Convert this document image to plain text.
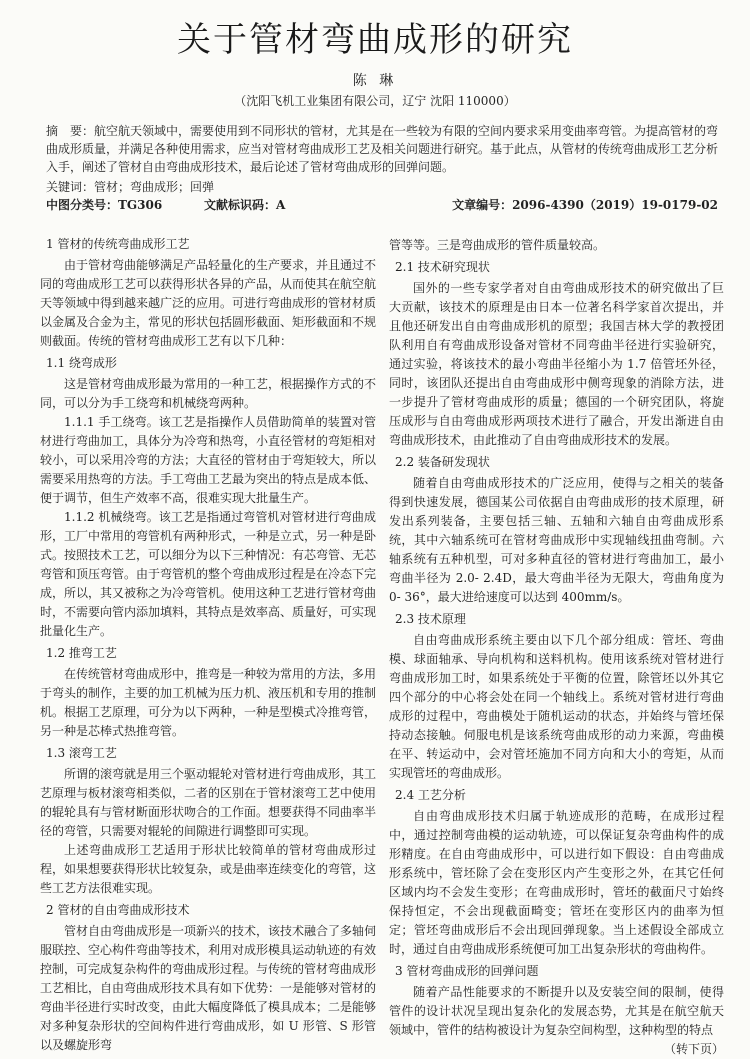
关于管材弯曲成形的研究
陈 琳
（沈阳飞机工业集团有限公司，辽宁 沈阳 110000）
摘　要：航空航天领域中，需要使用到不同形状的管材，尤其是在一些较为有限的空间内要求采用变曲率弯管。为提高管材的弯曲成形质量，并满足各种使用需求，应当对管材弯曲成形工艺及相关问题进行研究。基于此点，从管材的传统弯曲成形工艺分析入手，阐述了管材自由弯曲成形技术，最后论述了管材弯曲成形的回弹问题。
关键词：管材；弯曲成形；回弹
中图分类号：TG306	文献标识码：A	文章编号：2096-4390（2019）19-0179-02
1 管材的传统弯曲成形工艺

由于管材弯曲能够满足产品轻量化的生产要求，并且通过不同的弯曲成形工艺可以获得形状各异的产品，从而使其在航空航天等领域中得到越来越广泛的应用。可进行弯曲成形的管材材质以金属及合金为主，常见的形状包括圆形截面、矩形截面和不规则截面。传统的管材弯曲成形工艺有以下几种：

1.1 绕弯成形

这是管材弯曲成形最为常用的一种工艺，根据操作方式的不同，可以分为手工绕弯和机械绕弯两种。

1.1.1 手工绕弯。该工艺是指操作人员借助简单的装置对管材进行弯曲加工，具体分为冷弯和热弯，小直径管材的弯矩相对较小，可以采用冷弯的方法；大直径的管材由于弯矩较大，所以需要采用热弯的方法。手工弯曲工艺最为突出的特点是成本低、便于调节，但生产效率不高，很难实现大批量生产。

1.1.2 机械绕弯。该工艺是指通过弯管机对管材进行弯曲成形，工厂中常用的弯管机有两种形式，一种是立式，另一种是卧式。按照技术工艺，可以细分为以下三种情况：有芯弯管、无芯弯管和顶压弯管。由于弯管机的整个弯曲成形过程是在冷态下完成，所以，其又被称之为冷弯管机。使用这种工艺进行管材弯曲时，不需要向管内添加填料，其特点是效率高、质量好，可实现批量化生产。

1.2 推弯工艺

在传统管材弯曲成形中，推弯是一种较为常用的方法，多用于弯头的制作，主要的加工机械为压力机、液压机和专用的推制机。根据工艺原理，可分为以下两种，一种是型模式冷推弯管，另一种是芯棒式热推弯管。

1.3 滚弯工艺

所谓的滚弯就是用三个驱动辊轮对管材进行弯曲成形，其工艺原理与板材滚弯相类似，二者的区别在于管材滚弯工艺中使用的辊轮具有与管材断面形状吻合的工作面。想要获得不同曲率半径的弯管，只需要对辊轮的间隙进行调整即可实现。

上述弯曲成形工艺适用于形状比较简单的管材弯曲成形过程，如果想要获得形状比较复杂，或是曲率连续变化的弯管，这些工艺方法很难实现。

2 管材的自由弯曲成形技术

管材自由弯曲成形是一项新兴的技术，该技术融合了多轴伺服联控、空心构件弯曲等技术，利用对成形模具运动轨迹的有效控制，可完成复杂构件的弯曲成形过程。与传统的管材弯曲成形工艺相比，自由弯曲成形技术具有如下优势：一是能够对管材的弯曲半径进行实时改变，由此大幅度降低了模具成本；二是能够对多种复杂形状的空间构件进行弯曲成形，如 U 形管、S 形管以及螺旋形弯

管等等。三是弯曲成形的管件质量较高。

2.1 技术研究现状

国外的一些专家学者对自由弯曲成形技术的研究做出了巨大贡献，该技术的原理是由日本一位著名科学家首次提出，并且他还研发出自由弯曲成形机的原型；我国吉林大学的教授团队利用自有弯曲成形设备对管材不同弯曲半径进行实验研究，通过实验，将该技术的最小弯曲半径缩小为 1.7 倍管坯外径，同时，该团队还提出自由弯曲成形中侧弯现象的消除方法，进一步提升了管材弯曲成形的质量；德国的一个研究团队，将旋压成形与自由弯曲成形两项技术进行了融合，开发出渐进自由弯曲成形技术，由此推动了自由弯曲成形技术的发展。

2.2 装备研发现状

随着自由弯曲成形技术的广泛应用，使得与之相关的装备得到快速发展，德国某公司依据自由弯曲成形的技术原理，研发出系列装备，主要包括三轴、五轴和六轴自由弯曲成形系统，其中六轴系统可在管材弯曲成形中实现轴线扭曲弯制。六轴系统有五种机型，可对多种直径的管材进行弯曲加工，最小弯曲半径为 2.0- 2.4D，最大弯曲半径为无限大，弯曲角度为 0- 36°，最大进给速度可以达到 400mm/s。

2.3 技术原理

自由弯曲成形系统主要由以下几个部分组成：管坯、弯曲模、球面轴承、导向机构和送料机构。使用该系统对管材进行弯曲成形加工时，如果系统处于平衡的位置，除管坯以外其它四个部分的中心将会处在同一个轴线上。系统对管材进行弯曲成形的过程中，弯曲模处于随机运动的状态，并始终与管坯保持动态接触。伺服电机是该系统弯曲成形的动力来源，弯曲模在平、转运动中，会对管坯施加不同方向和大小的弯矩，从而实现管坯的弯曲成形。

2.4 工艺分析

自由弯曲成形技术归属于轨迹成形的范畴，在成形过程中，通过控制弯曲模的运动轨迹，可以保证复杂弯曲构件的成形精度。在自由弯曲成形中，可以进行如下假设：自由弯曲成形系统中，管坯除了会在变形区内产生变形之外，在其它任何区域内均不会发生变形；在弯曲成形时，管坯的截面尺寸始终保持恒定，不会出现截面畸变；管坯在变形区内的曲率为恒定；管坯弯曲成形后不会出现回弹现象。当上述假设全部成立时，通过自由弯曲成形系统便可加工出复杂形状的弯曲构件。

3 管材弯曲成形的回弹问题

随着产品性能要求的不断提升以及安装空间的限制，使得管件的设计状况呈现出复杂化的发展态势，尤其是在航空航天领域中，管件的结构被设计为复杂空间构型，这种构型的特点

（转下页）
